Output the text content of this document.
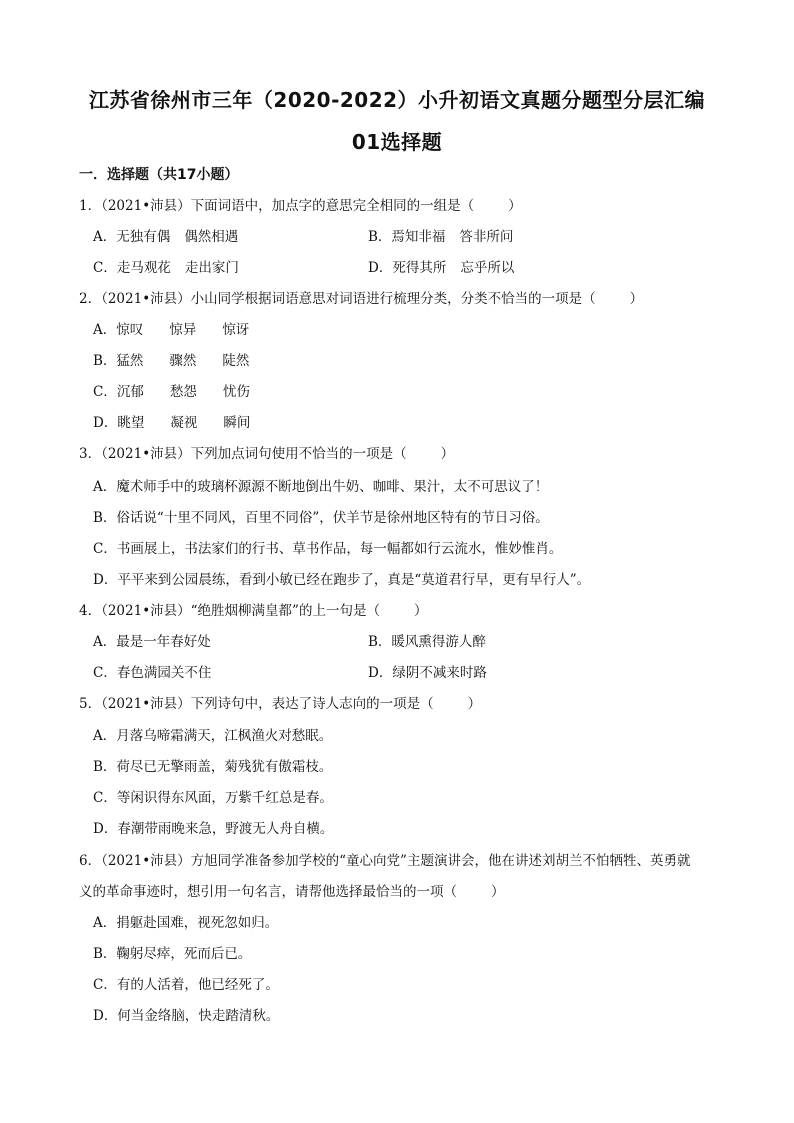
江苏省徐州市三年（2020-2022）小升初语文真题分题型分层汇编
01选择题
一．选择题（共17小题）
1．（2021•沛县）下面词语中，加点字的意思完全相同的一组是（	）
A．无独有偶 偶然相遇	B．焉知非福 答非所问
C．走马观花 走出家门	D．死得其所 忘乎所以
2．（2021•沛县）小山同学根据词语意思对词语进行梳理分类，分类不恰当的一项是（	）
A．惊叹 惊异 惊讶
B．猛然 骤然 陡然
C．沉郁 愁怨 忧伤
D．眺望 凝视 瞬间
3．（2021•沛县）下列加点词句使用不恰当的一项是（	）
A．魔术师手中的玻璃杯源源不断地倒出牛奶、咖啡、果汁，太不可思议了！
B．俗话说“十里不同风，百里不同俗”，伏羊节是徐州地区特有的节日习俗。
C．书画展上，书法家们的行书、草书作品，每一幅都如行云流水，惟妙惟肖。
D．平平来到公园晨练，看到小敏已经在跑步了，真是“莫道君行早，更有早行人”。
4．（2021•沛县）“绝胜烟柳满皇都”的上一句是（	）
A．最是一年春好处	B．暖风熏得游人醉
C．春色满园关不住	D．绿阴不减来时路
5．（2021•沛县）下列诗句中，表达了诗人志向的一项是（	）
A．月落乌啼霜满天，江枫渔火对愁眠。
B．荷尽已无擎雨盖，菊残犹有傲霜枝。
C．等闲识得东风面，万紫千红总是春。
D．春潮带雨晚来急，野渡无人舟自横。
6．（2021•沛县）方旭同学准备参加学校的“童心向党”主题演讲会，他在讲述刘胡兰不怕牺牲、英勇就
义的革命事迹时，想引用一句名言，请帮他选择最恰当的一项（	）
A．捐躯赴国难，视死忽如归。
B．鞠躬尽瘁，死而后已。
C．有的人活着，他已经死了。
D．何当金络脑，快走踏清秋。
